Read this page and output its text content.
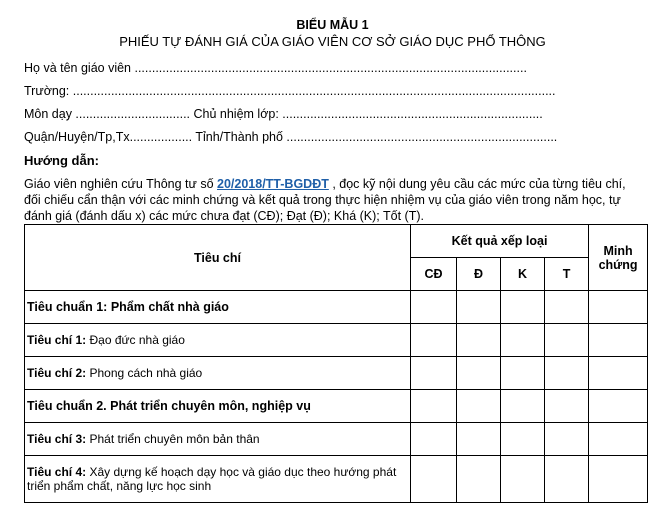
BIỂU MẪU 1
PHIẾU TỰ ĐÁNH GIÁ CỦA GIÁO VIÊN CƠ SỞ GIÁO DỤC PHỔ THÔNG
Họ và tên giáo viên .................................................................................................................
Trường: ...........................................................................................................................................
Môn dạy ................................. Chủ nhiệm lớp: ...........................................................................
Quận/Huyện/Tp,Tx.................. Tỉnh/Thành phố ..............................................................................
Hướng dẫn:
Giáo viên nghiên cứu Thông tư số 20/2018/TT-BGDĐT , đọc kỹ nội dung yêu cầu các mức của từng tiêu chí, đối chiếu cẩn thận với các minh chứng và kết quả trong thực hiện nhiệm vụ của giáo viên trong năm học, tự đánh giá (đánh dấu x) các mức chưa đạt (CĐ); Đạt (Đ); Khá (K); Tốt (T).
Tiêu chí	Kết quả xếp loại				Minh chứng
	CĐ	Đ	K	T	
Tiêu chuẩn 1: Phẩm chất nhà giáo					
Tiêu chí 1: Đạo đức nhà giáo					
Tiêu chí 2: Phong cách nhà giáo					
Tiêu chuẩn 2. Phát triển chuyên môn, nghiệp vụ					
Tiêu chí 3: Phát triển chuyên môn bản thân					
Tiêu chí 4: Xây dựng kế hoạch dạy học và giáo dục theo hướng phát triển phẩm chất, năng lực học sinh					
